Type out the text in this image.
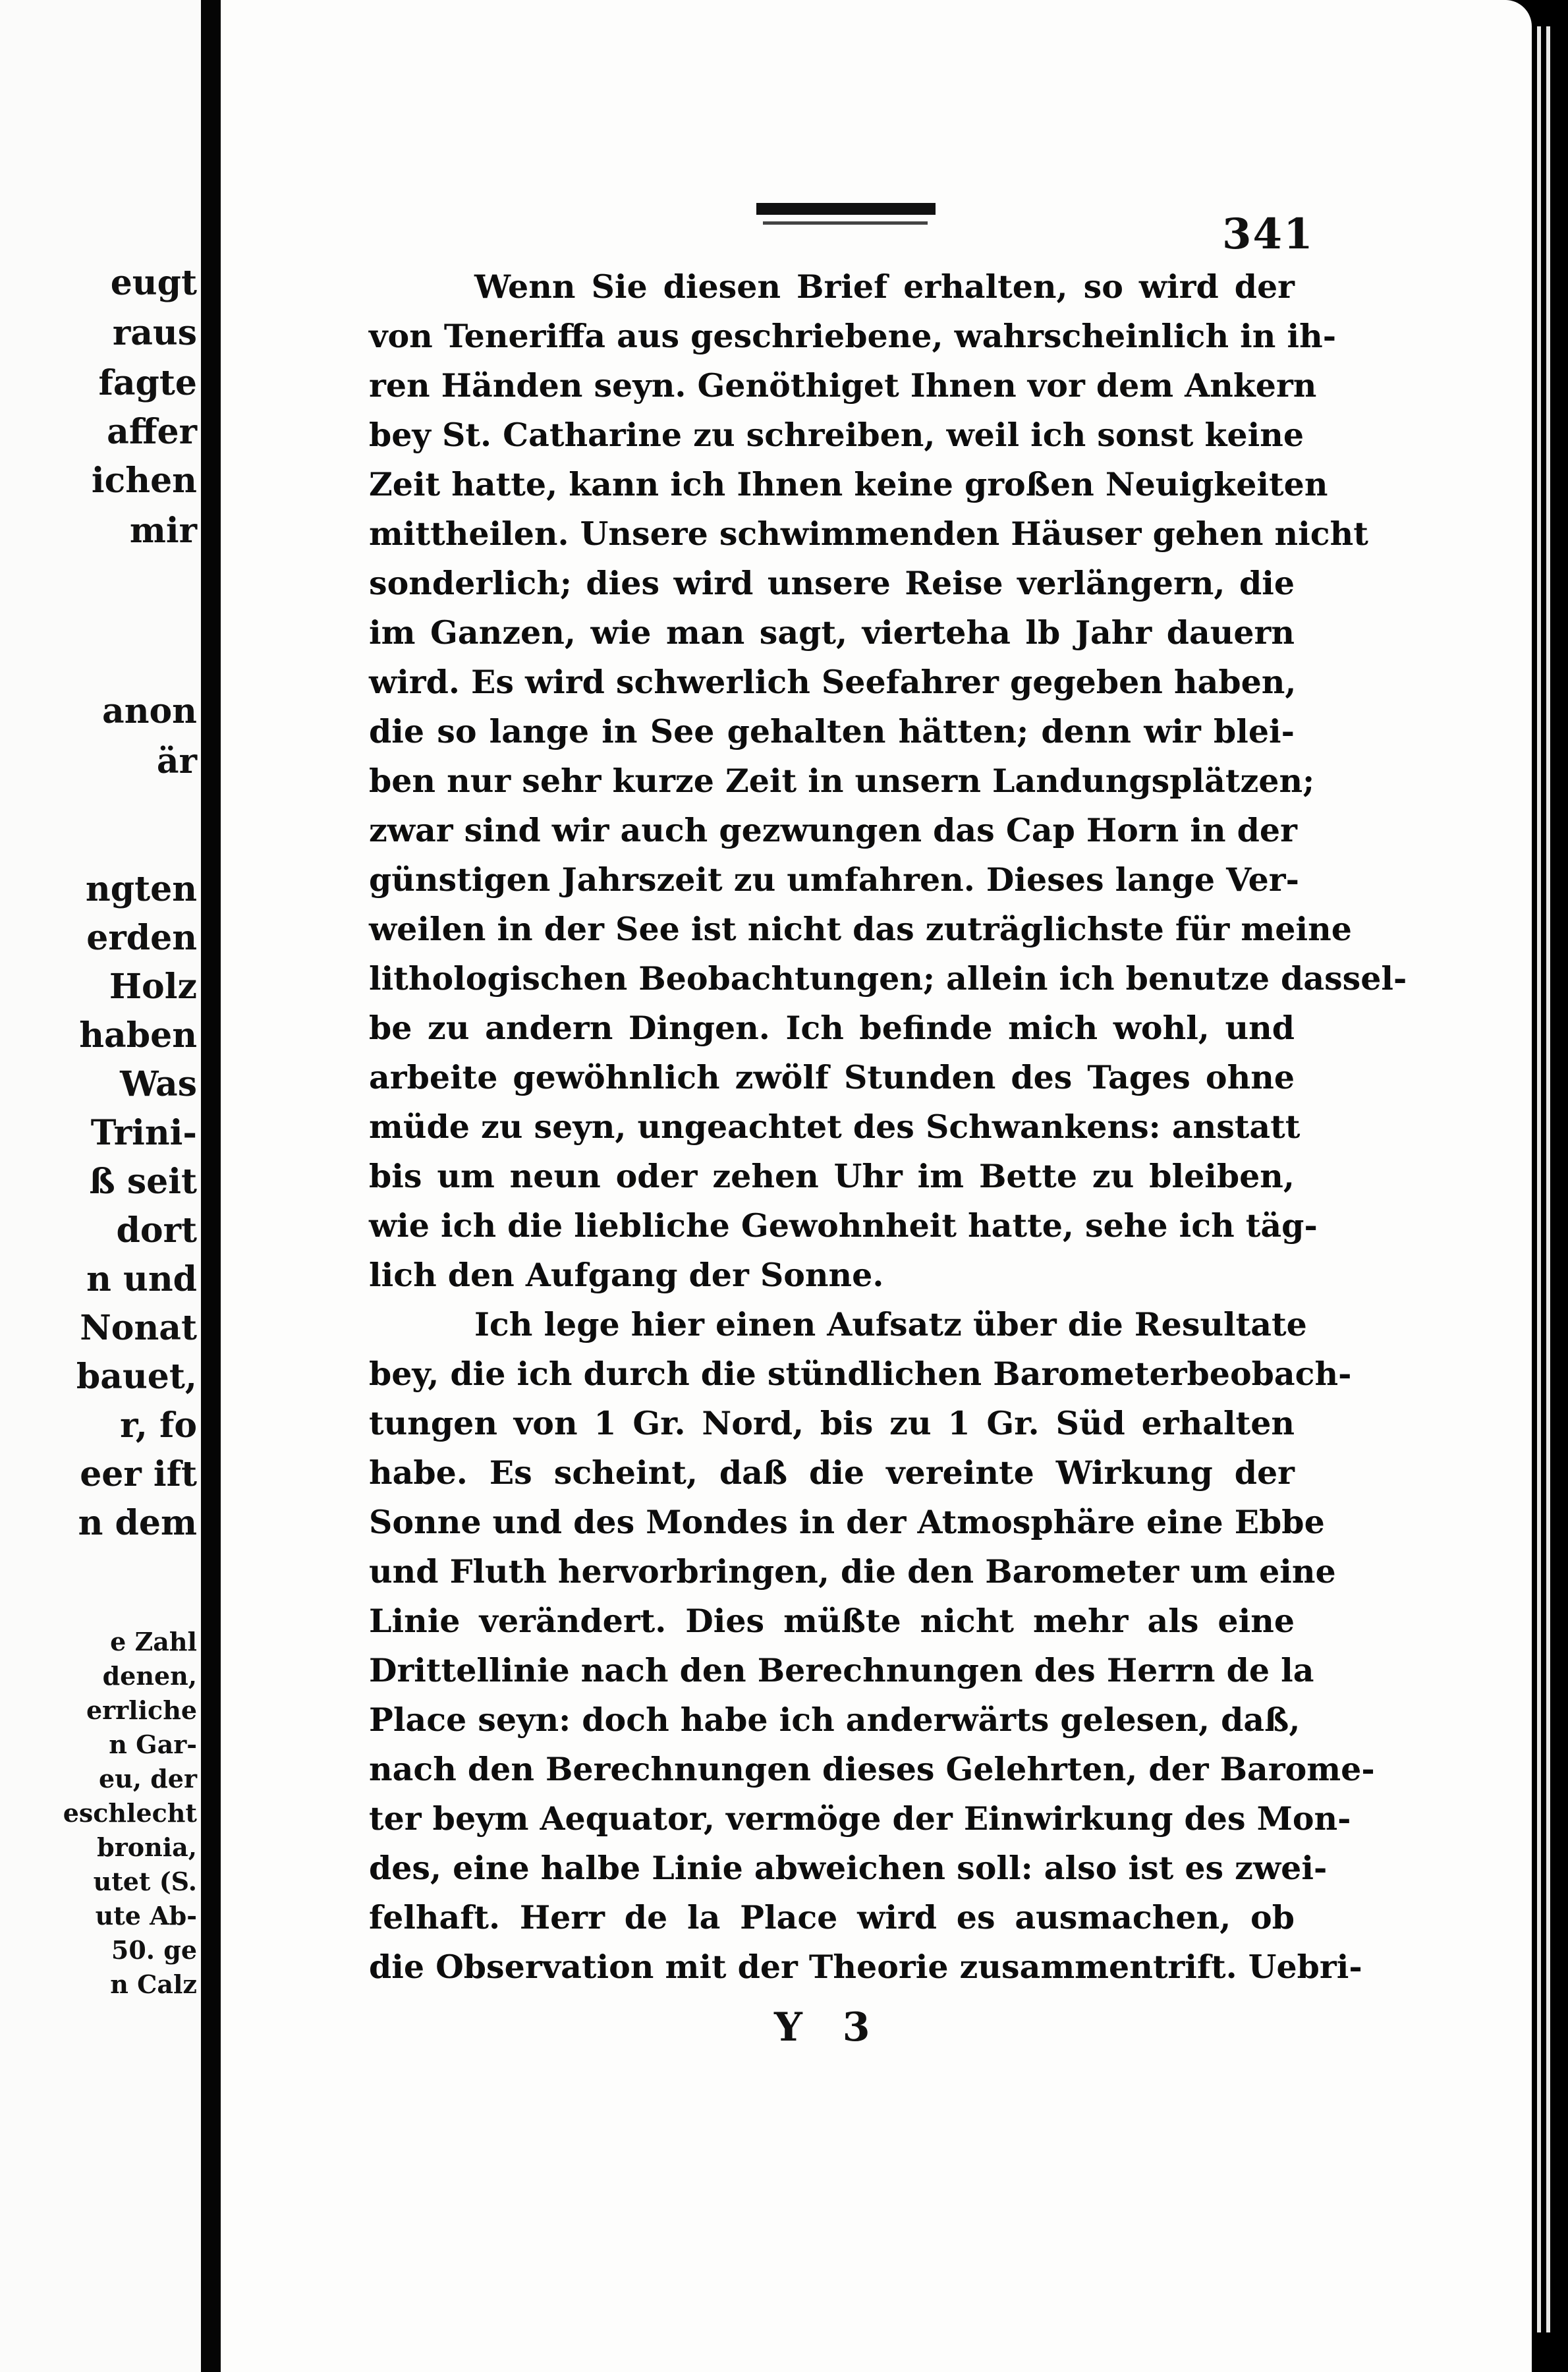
eugt
raus
fagte
affer
ichen
mir
anon
är
ngten
erden
Holz
haben
Was
Trini-
ß seit
dort
n und
Nonat
bauet,
r, fo
eer ift
n dem
e Zahl
denen,
errliche
n Gar-
eu, der
eschlecht
bronia,
utet (S.
ute Ab-
50. ge
n Calz
341
Wenn Sie diesen Brief erhalten, so wird der
von Teneriffa aus geschriebene, wahrscheinlich in ih-
ren Händen seyn. Genöthiget Ihnen vor dem Ankern
bey St. Catharine zu schreiben, weil ich sonst keine
Zeit hatte, kann ich Ihnen keine großen Neuigkeiten
mittheilen. Unsere schwimmenden Häuser gehen nicht
sonderlich; dies wird unsere Reise verlängern, die
im Ganzen, wie man sagt, vierteha lb Jahr dauern
wird. Es wird schwerlich Seefahrer gegeben haben,
die so lange in See gehalten hätten; denn wir blei-
ben nur sehr kurze Zeit in unsern Landungsplätzen;
zwar sind wir auch gezwungen das Cap Horn in der
günstigen Jahrszeit zu umfahren. Dieses lange Ver-
weilen in der See ist nicht das zuträglichste für meine
lithologischen Beobachtungen; allein ich benutze dassel-
be zu andern Dingen. Ich befinde mich wohl, und
arbeite gewöhnlich zwölf Stunden des Tages ohne
müde zu seyn, ungeachtet des Schwankens: anstatt
bis um neun oder zehen Uhr im Bette zu bleiben,
wie ich die liebliche Gewohnheit hatte, sehe ich täg-
lich den Aufgang der Sonne.
Ich lege hier einen Aufsatz über die Resultate
bey, die ich durch die stündlichen Barometerbeobach-
tungen von 1 Gr. Nord, bis zu 1 Gr. Süd erhalten
habe. Es scheint, daß die vereinte Wirkung der
Sonne und des Mondes in der Atmosphäre eine Ebbe
und Fluth hervorbringen, die den Barometer um eine
Linie verändert. Dies müßte nicht mehr als eine
Drittellinie nach den Berechnungen des Herrn de la
Place seyn: doch habe ich anderwärts gelesen, daß,
nach den Berechnungen dieses Gelehrten, der Barome-
ter beym Aequator, vermöge der Einwirkung des Mon-
des, eine halbe Linie abweichen soll: also ist es zwei-
felhaft. Herr de la Place wird es ausmachen, ob
die Observation mit der Theorie zusammentrift. Uebri-
Y 3
